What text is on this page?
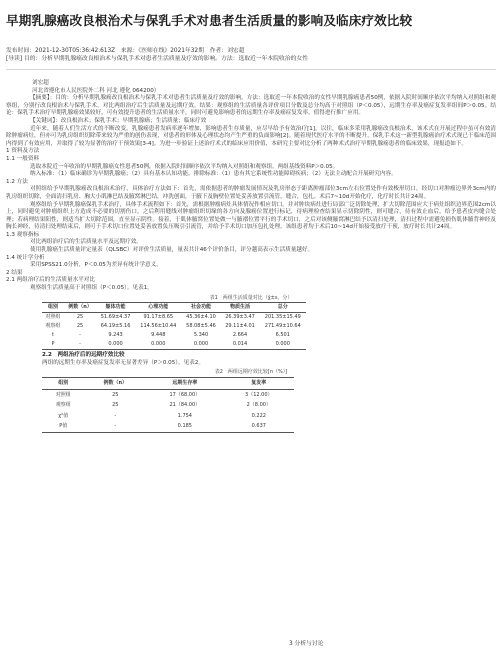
早期乳腺癌改良根治术与保乳手术对患者生活质量的影响及临床疗效比较
发布时间：2021-12-30T05:36:42.613Z　来源：《医师在线》2021年32期　作者：刘宏超
[导读] 目的：分析早期乳腺癌改良根治术与保乳手术对患者生活质量及疗效的影响。方法：选取近一年本院收治的女性

刘宏超

河北省遵化市人民医院外二科 河北 遵化 064200）

【摘要】：目的：分析早期乳腺癌改良根治术与保乳手术对患者生活质量及疗效的影响。方法：选取近一年本院收治的女性早期乳腺癌患者50例，依据入院时间顺序依次平均纳入对照组和观察组，分别行改良根治术与保乳手术。对比两组治疗后生活质量及远期疗效。结果：观察组的生活质量各评价项目分数及总分均高于对照组（P＜0.05），远期生存率及癌症复发率组间P＞0.05。结论：保乳手术治疗早期乳腺癌效果较好，可有效提升患者的生活质量水平，同时可避免影响患者的远期生存率及癌症复发率，值得进行推广应用。

【关键词】：改良根治术；保乳手术；早期乳腺癌；生活质量；临床疗效

近年来，随着人们生活方式的不断改变，乳腺癌患者发病率逐年增加，影响患者生存质量，应尽早给予有效治疗[1]。以往，临床多采用乳腺癌改良根治术，该术式在开展过程中虽可有效清除肿瘤病灶，但亦可为乳房组织切除带来较为严重的创伤表现，对患者的形体及心理状态均产生严重的负面影响[2]。随着现代医疗水平的不断提升，保乳手术这一新型乳腺癌治疗术式现已于临床范围内得到了有效应用，并取得了较为显著的治疗干预效果[3-4]。为进一步验证上述治疗术式的临床应用价值，本研究主要对比分析了两种术式治疗早期乳腺癌患者的临床效果，现报道如下。

1 资料及方法

1.1 一般资料

选取本院近一年收治的早期乳腺癌女性患者50例，依据入院时间顺序依次平均纳入对照组和观察组。两组基线资料P＞0.05。

纳入标准：（1）临床确诊为早期乳腺癌；（2）具有基本认知功能。排除标准：（1）患有其它系统性功能障碍疾病；（2）无法主动配合开展研究内容。

1.2 方法

对照组给予早期乳腺癌改良根治术治疗，具体治疗方法如下：首先，需依据患者的肿瘤发展情况及乳房形态于距离肿瘤部位3cm左右位置处作有效梭形切口，经切口对肿瘤边界外3cm内的乳房组织切除，全面清扫乳房、胸大小肌淋巴结及腋窝淋巴结，冲洗创面，于腋下及胸壁位置处妥善放置引流管，缝合，包扎。术后7~10d开始化疗，化疗时长共计24周。

观察组给予早期乳腺癌保乳手术治疗，具体手术流程如下：首先，需根据肿瘤病灶具体情况作相应切口，并对肿块病灶进行局部广泛切除处理，扩大切除范围应大于病灶组织边界范围2cm以上，同时避免对肿瘤组织上方造成不必要的切割伤口。之后利用缝线对肿瘤组织切缘的各方向及腺癌位置进行标记，待病理检查结果显示切除阴性，则可缝合，待有效止血后，给予患者皮内缝合处理；若病理结果阳性，则适当扩大切除范围，直至显示阴性。接着，于肌体腋窝位置处做一与腋褶位置平行的手术切口，之后对该侧腋窝淋巴结予以清扫处理，清扫过程中需避免损伤肌体腋背神经及胸长神经，待清扫处理结束后，则可于手术切口位置处妥善放置负压吸引引流管，并给予手术切口加压包扎处理。该组患者均于术后10~14d开始接受放疗干预，放疗时长共计24周。

1.3 观察指标

对比两组治疗后的生活质量水平及远期疗效。

使用乳腺癌生活质量评定量表（QLSBC）对评价生活质量，量表共计46个评价条目，评分越高表示生活质量越好。

1.4 统计学分析

采用SPSS21.0分析，P＜0.05为差异有统计学意义。

2 结果

2.1 两组治疗后的生活质量水平对比

观察组生活质量高于对照组（P＜0.05）。见表1。

表1　两组生活质量对比（χ̄±s，分）
组别	例数（n）	躯体功能	心理功能	社会功能	物质生活	总分
对照组	25	51.69±4.37	91.17±8.65	45.36±4.10	26.39±3.47	201.35±15.49
观察组	25	64.19±5.16	114.56±10.44	58.08±5.46	29.11±4.01	271.49±10.64
t	-	9.243	9.448	5.340	2.664	6.501
P	-	0.000	0.000	0.000	0.014	0.000
2.2　两组治疗后的远期疗效比较

两组的远期生存率及癌症复发率无显著差异（P＞0.05）。见表2。

表2　两组远期疗效比较[n（%）]
组别	例数（n）	远期生存率	复发率
对照组	25	17（68.00）	3（12.00）
观察组	25	21（84.00）	2（8.00）
χ²值	-	1.754	0.222
P值	-	0.185	0.637
3 分析与讨论
